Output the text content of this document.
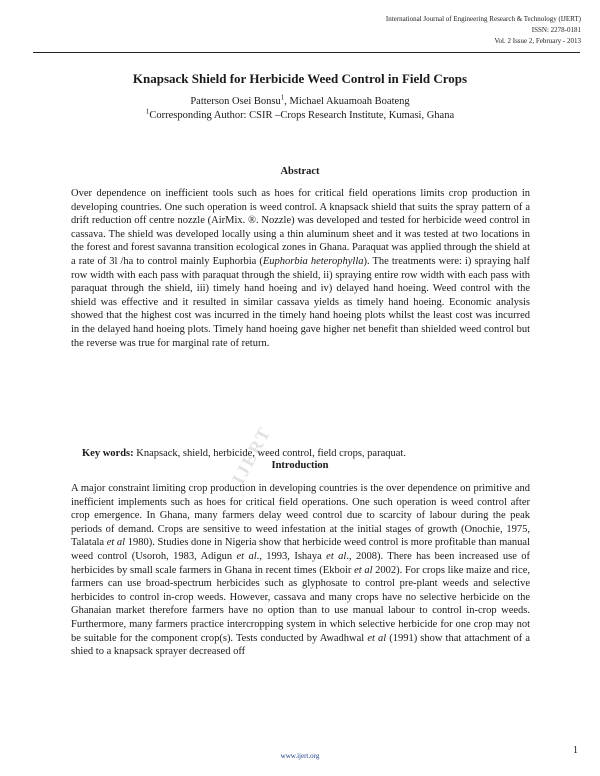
International Journal of Engineering Research & Technology (IJERT)
ISSN: 2278-0181
Vol. 2 Issue 2, February - 2013
Knapsack Shield for Herbicide Weed Control in Field Crops
Patterson Osei Bonsu$^1$, Michael Akuamoah Boateng
$^1$Corresponding Author: CSIR –Crops Research Institute, Kumasi, Ghana
Abstract
Over dependence on inefficient tools such as hoes for critical field operations limits crop production in developing countries. One such operation is weed control. A knapsack shield that suits the spray pattern of a drift reduction off centre nozzle (AirMix. ®. Nozzle) was developed and tested for herbicide weed control in cassava. The shield was developed locally using a thin aluminum sheet and it was tested at two locations in the forest and forest savanna transition ecological zones in Ghana. Paraquat was applied through the shield at a rate of 3l /ha to control mainly Euphorbia (Euphorbia heterophylla). The treatments were: i) spraying half row width with each pass with paraquat through the shield, ii) spraying entire row width with each pass with paraquat through the shield, iii) timely hand hoeing and iv) delayed hand hoeing. Weed control with the shield was effective and it resulted in similar cassava yields as timely hand hoeing. Economic analysis showed that the highest cost was incurred in the timely hand hoeing plots whilst the least cost was incurred in the delayed hand hoeing plots. Timely hand hoeing gave higher net benefit than shielded weed control but the reverse was true for marginal rate of return.
Key words: Knapsack, shield, herbicide, weed control, field crops, paraquat.
IJERT
Introduction
A major constraint limiting crop production in developing countries is the over dependence on primitive and inefficient implements such as hoes for critical field operations. One such operation is weed control after crop emergence. In Ghana, many farmers delay weed control due to scarcity of labour during the peak periods of demand. Crops are sensitive to weed infestation at the initial stages of growth (Onochie, 1975, Talatala et al 1980). Studies done in Nigeria show that herbicide weed control is more profitable than manual weed control (Usoroh, 1983, Adigun et al., 1993, Ishaya et al., 2008). There has been increased use of herbicides by small scale farmers in Ghana in recent times (Ekboir et al 2002). For crops like maize and rice, farmers can use broad-spectrum herbicides such as glyphosate to control pre-plant weeds and selective herbicides to control in-crop weeds. However, cassava and many crops have no selective herbicide on the Ghanaian market therefore farmers have no option than to use manual labour to control in-crop weeds. Furthermore, many farmers practice intercropping system in which selective herbicide for one crop may not be suitable for the component crop(s). Tests conducted by Awadhwal et al (1991) show that attachment of a shied to a knapsack sprayer decreased off
www.ijert.org	1
